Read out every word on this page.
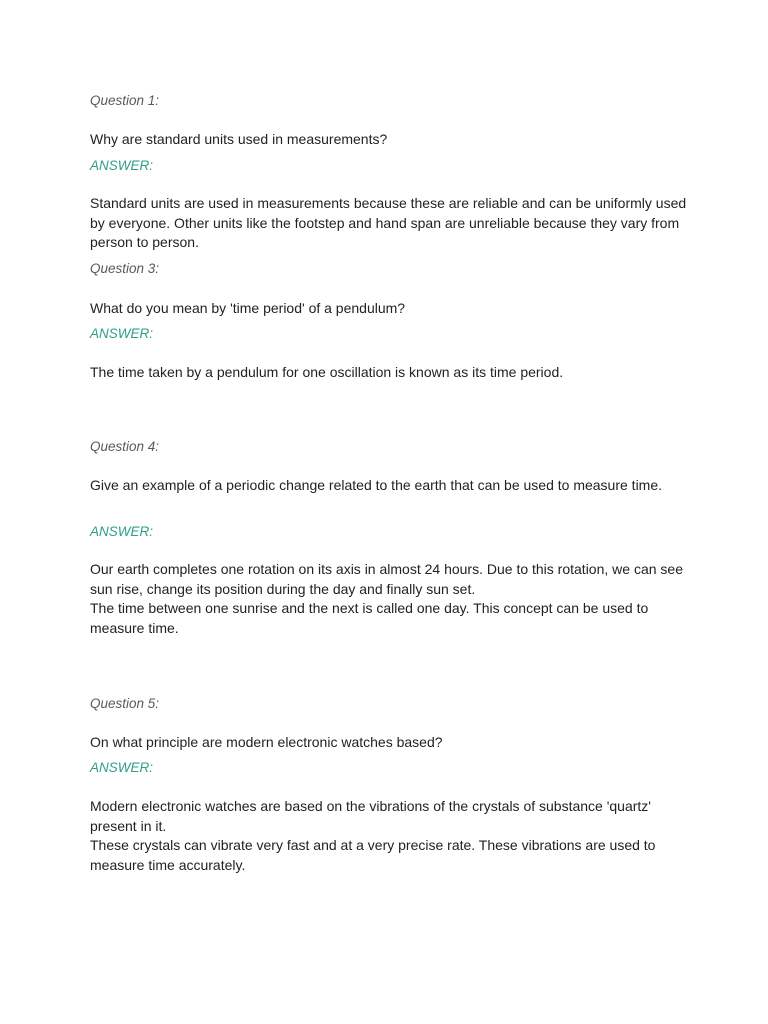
Question 1:
Why are standard units used in measurements?
ANSWER:
Standard units are used in measurements because these are reliable and can be uniformly used by everyone. Other units like the footstep and hand span are unreliable because they vary from person to person.
Question 3:
What do you mean by 'time period' of a pendulum?
ANSWER:
The time taken by a pendulum for one oscillation is known as its time period.
Question 4:
Give an example of a periodic change related to the earth that can be used to measure time.
ANSWER:
Our earth completes one rotation on its axis in almost 24 hours. Due to this rotation, we can see sun rise, change its position during the day and finally sun set.
The time between one sunrise and the next is called one day. This concept can be used to measure time.
Question 5:
On what principle are modern electronic watches based?
ANSWER:
Modern electronic watches are based on the vibrations of the crystals of substance 'quartz' present in it.
These crystals can vibrate very fast and at a very precise rate. These vibrations are used to measure time accurately.
